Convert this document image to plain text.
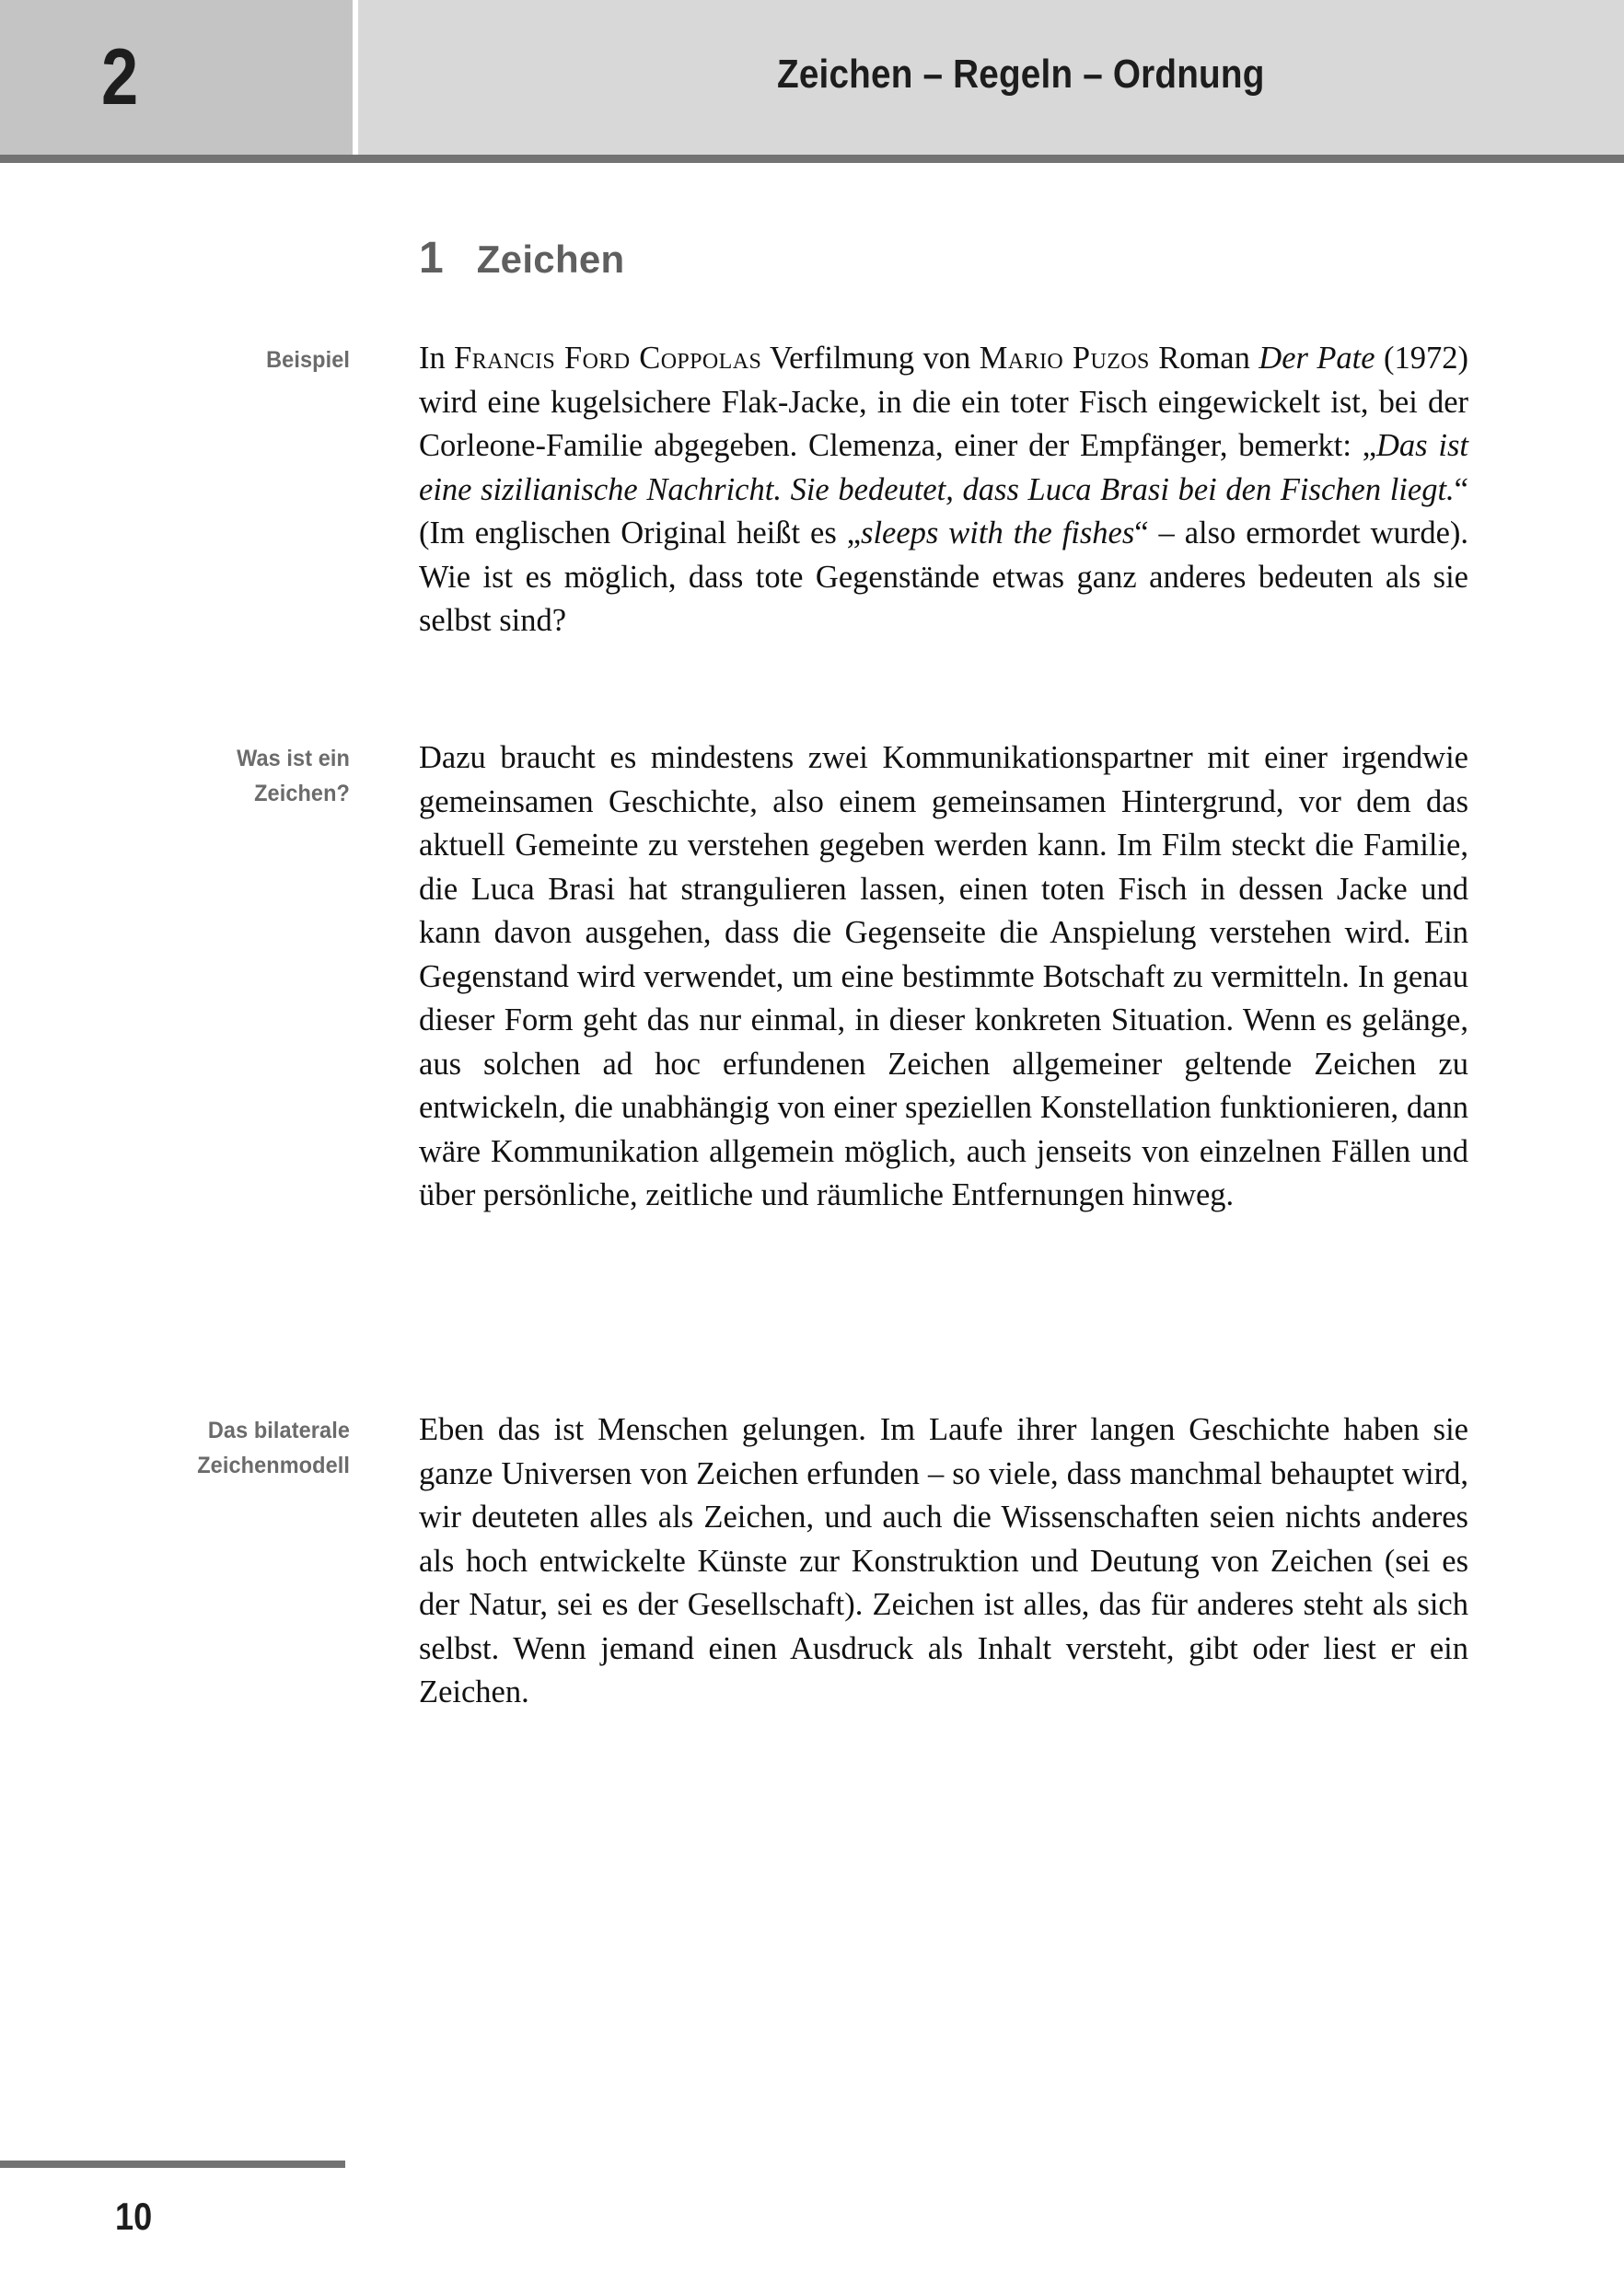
2	Zeichen – Regeln – Ordnung
1 Zeichen
Beispiel In Francis Ford Coppolas Verfilmung von Mario Puzos Roman Der Pate (1972) wird eine kugelsichere Flak-Jacke, in die ein toter Fisch eingewickelt ist, bei der Corleone-Familie abgegeben. Clemenza, einer der Empfänger, bemerkt: „Das ist eine sizilianische Nachricht. Sie bedeutet, dass Luca Brasi bei den Fischen liegt.“ (Im englischen Original heißt es „sleeps with the fishes“ – also ermordet wurde). Wie ist es möglich, dass tote Gegenstände etwas ganz anderes bedeuten als sie selbst sind?
Was ist ein
Zeichen?
Dazu braucht es mindestens zwei Kommunikationspartner mit einer irgendwie gemeinsamen Geschichte, also einem gemeinsamen Hintergrund, vor dem das aktuell Gemeinte zu verstehen gegeben werden kann. Im Film steckt die Familie, die Luca Brasi hat strangulieren lassen, einen toten Fisch in dessen Jacke und kann davon ausgehen, dass die Gegenseite die Anspielung verstehen wird. Ein Gegenstand wird verwendet, um eine bestimmte Botschaft zu vermitteln. In genau dieser Form geht das nur einmal, in dieser konkreten Situation. Wenn es gelänge, aus solchen ad hoc erfundenen Zeichen allgemeiner geltende Zeichen zu entwickeln, die unabhängig von einer speziellen Konstellation funktionieren, dann wäre Kommunikation allgemein möglich, auch jenseits von einzelnen Fällen und über persönliche, zeitliche und räumliche Entfernungen hinweg.
Das bilaterale
Zeichenmodell
Eben das ist Menschen gelungen. Im Laufe ihrer langen Geschichte haben sie ganze Universen von Zeichen erfunden – so viele, dass manchmal behauptet wird, wir deuteten alles als Zeichen, und auch die Wissenschaften seien nichts anderes als hoch entwickelte Künste zur Konstruktion und Deutung von Zeichen (sei es der Natur, sei es der Gesellschaft). Zeichen ist alles, das für anderes steht als sich selbst. Wenn jemand einen Ausdruck als Inhalt versteht, gibt oder liest er ein Zeichen.
10
